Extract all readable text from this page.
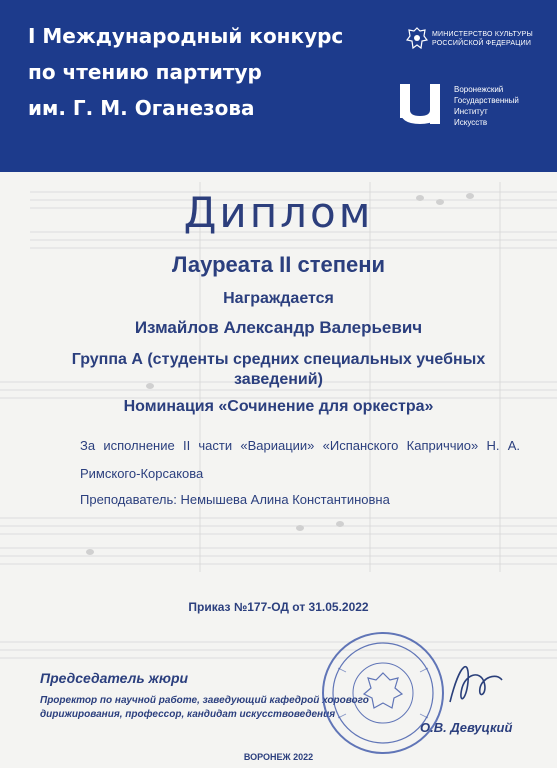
I Международный конкурс
по чтению партитур
им. Г. М. Оганезова
МИНИСТЕРСТВО КУЛЬТУРЫ
РОССИЙСКОЙ ФЕДЕРАЦИИ
Воронежский
Государственный
Институт
Искусств
Диплом
Лауреата II степени
Награждается
Измайлов Александр Валерьевич
Группа А (студенты средних специальных учебных заведений)
Номинация «Сочинение для оркестра»
За исполнение II части «Вариации» «Испанского Каприччио» Н. А. Римского-Корсакова
Преподаватель: Немышева Алина Константиновна
Приказ №177-ОД от 31.05.2022
Председатель жюри
Проректор по научной работе, заведующий кафедрой хорового дирижирования, профессор, кандидат искусствоведения
О.В. Девуцкий
ВОРОНЕЖ 2022
